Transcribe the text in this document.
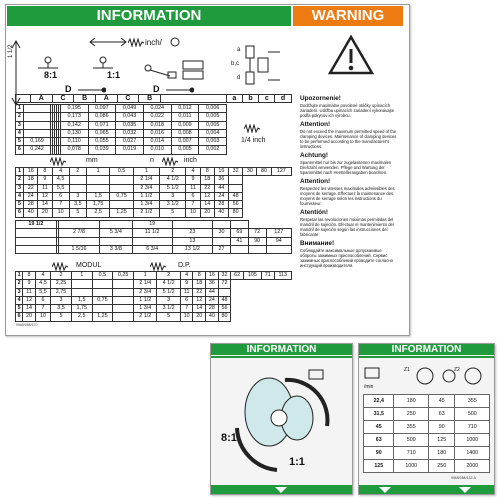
INFORMATION	WARNING
1 1/2
inch/
8:1	1:1
D	D
a
b,c
d
	A	C	B	A	C	B		a	b	c	d
1							0,195	0,097	0,049	0,024	0,012	0,006
2							0,173	0,086	0,043	0,022	0,011	0,005
3							0,142	0,071	0,035	0,018	0,009	0,005
4							0,130	0,065	0,032	0,016	0,008	0,004
5	0,169						0,110	0,055	0,027	0,014	0,007	0,003
6	0,242						0,078	0,039	0,019	0,010	0,005	0,002
1/4 inch
mm	n	inch
1	16	8	4	2	1	0,5	1	2	4	8	16	32	30	80	127
2	18	9	4,5				2 1/4	4 1/2	9	18	36				
3	22	11	5,5				2 3/4	5 1/2	11	22	44				
4	24	12	6	3	1,5	0,75	1 1/2	3	6	12	24	48			
5	28	14	7	3,5	1,75		1 3/4	3 1/2	7	14	28	56			
6	40	20	10	5	2,5	1,25	2 1/2	5	10	20	40	80			
19 1/2				19					
		2 7/8	5 3/4	11 1/2	23	30	69	72	127
					13		41	90	94
		1 5/16	3 3/8	6 3/4	13 1/2	27			
MODUL	D.P.
1	8	4	2	1	0,5	0,25	1	2	4	8	16	32	62	105	71	113
2	9	4,5	2,25				2 1/4	4 1/2	9	18	36	72				
3	11	5,5	2,75				2 3/4	5 1/2	11	22	44					
4	12	6	3	1,5	0,75		1 1/2	3	6	12	24	48				
5	14	7	3,5	1,75			1 3/4	3 1/2	7	14	28	56				
6	20	10	5	2,5	1,25		2 1/2	5	10	20	40	80				
9965/058/170
Upozornenie!
Dodržujte maximálne povolené otáčky upínacích zariadení. Udržba upínacích zariadení vykonávajte podľa pokynov ich výrobcu.
Attention!
Do not exceed the maximum permitted speed of the clamping devices. Maintenance of clamping devices to be performed according to the manufacturer's instructions.
Achtung!
Spannmittel nur bis zur zugelassenen maximalen Drehzahl verwenden. Pflege und Wartung der Spannmittel nach Herstellerangaben beachten.
Attention!
Respectez les vitesses maximales admissibles des moyens de serrage. Effectuez la maintenance des moyens de serrage selon les instructions du fournisseur.
Atentión!
Respetar las revoluciones máximas permitidas del mandril de sujeción. Efectuar el mantenimiento del mandril de sujeción según las instrucciones del fabricante.
Внимание!
Соблюдайте максимальные допускаемые обороты зажимных приспособлений. Сервис зажимных приспособлений проводите согласно инструкций производителя.
INFORMATION
8:1
1:1
INFORMATION
/min
Z1	Z2
22,4	180	45	355
31,5	250	63	500
45	355	90	710
63	500	125	1000
90	710	180	1400
125	1000	250	2000
9965/058/132-A
